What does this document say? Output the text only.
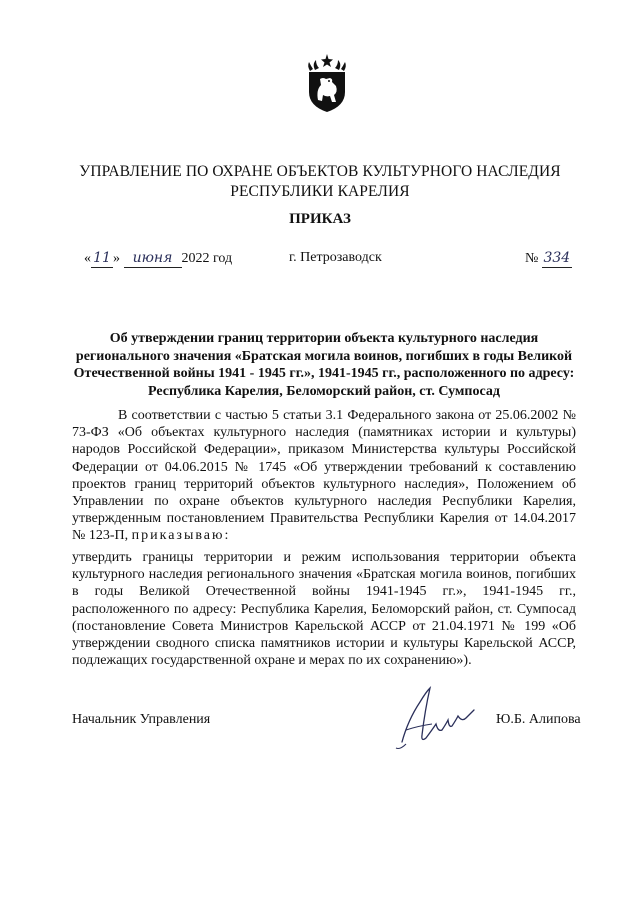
УПРАВЛЕНИЕ ПО ОХРАНЕ ОБЪЕКТОВ КУЛЬТУРНОГО НАСЛЕДИЯ
РЕСПУБЛИКИ КАРЕЛИЯ
ПРИКАЗ
« 11 » июня 2022 год	г. Петрозаводск	№ 334
Об утверждении границ территории объекта культурного наследия
регионального значения «Братская могила воинов, погибших в годы Великой
Отечественной войны 1941 - 1945 гг.», 1941-1945 гг., расположенного по адресу:
Республика Карелия, Беломорский район, ст. Сумпосад
В соответствии с частью 5 статьи 3.1 Федерального закона от 25.06.2002 № 73-ФЗ «Об объектах культурного наследия (памятниках истории и культуры) народов Российской Федерации», приказом Министерства культуры Российской Федерации от 04.06.2015 № 1745 «Об утверждении требований к составлению проектов границ территорий объектов культурного наследия», Положением об Управлении по охране объектов культурного наследия Республики Карелия, утвержденным постановлением Правительства Республики Карелия от 14.04.2017 № 123-П, приказываю:
утвердить границы территории и режим использования территории объекта культурного наследия регионального значения «Братская могила воинов, погибших в годы Великой Отечественной войны 1941-1945 гг.», 1941-1945 гг., расположенного по адресу: Республика Карелия, Беломорский район, ст. Сумпосад (постановление Совета Министров Карельской АССР от 21.04.1971 № 199 «Об утверждении сводного списка памятников истории и культуры Карельской АССР, подлежащих государственной охране и мерах по их сохранению»).
Начальник Управления	Ю.Б. Алипова
